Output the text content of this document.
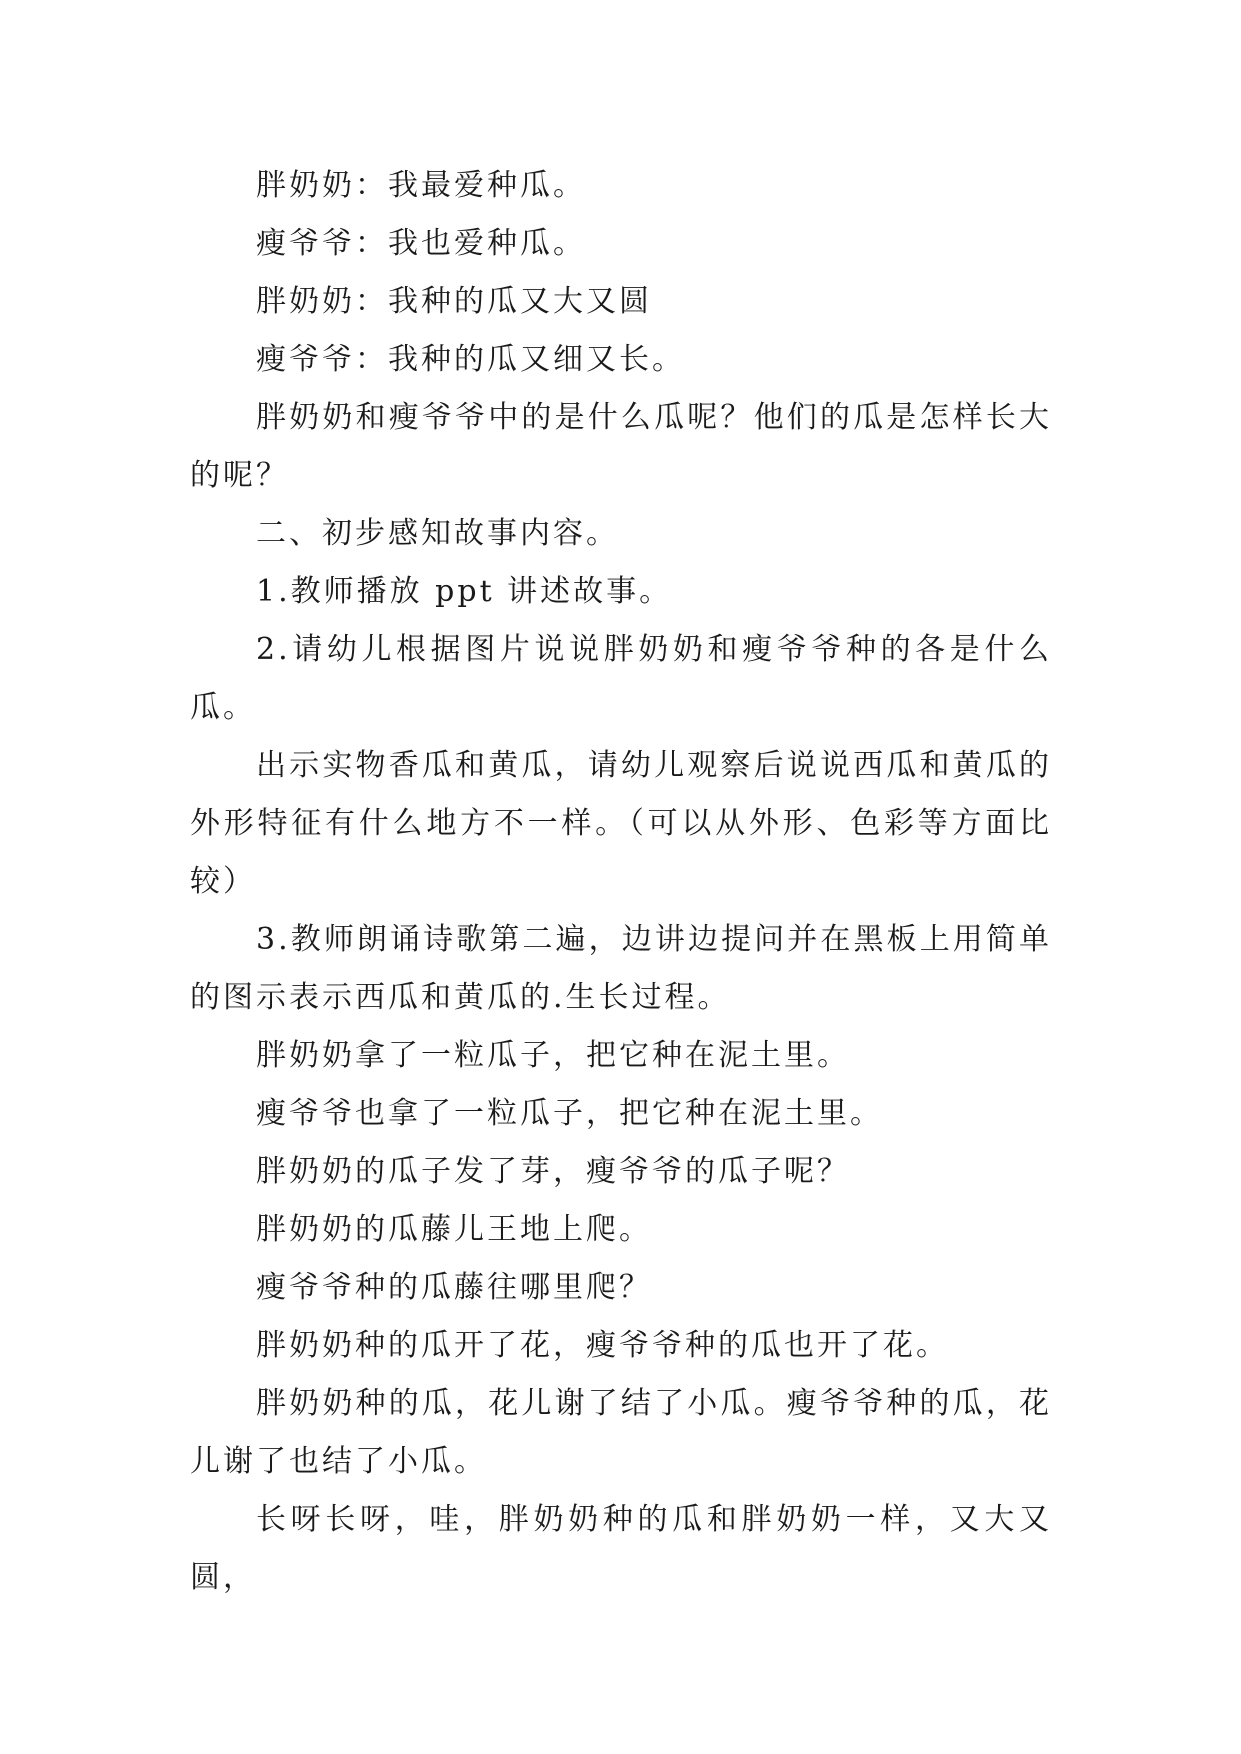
胖奶奶：我最爱种瓜。

瘦爷爷：我也爱种瓜。

胖奶奶：我种的瓜又大又圆

瘦爷爷：我种的瓜又细又长。

胖奶奶和瘦爷爷中的是什么瓜呢？他们的瓜是怎样长大的呢？

二、初步感知故事内容。

1.教师播放 ppt 讲述故事。

2.请幼儿根据图片说说胖奶奶和瘦爷爷种的各是什么瓜。

出示实物香瓜和黄瓜，请幼儿观察后说说西瓜和黄瓜的外形特征有什么地方不一样。（可以从外形、色彩等方面比较）

3.教师朗诵诗歌第二遍，边讲边提问并在黑板上用简单的图示表示西瓜和黄瓜的.生长过程。

胖奶奶拿了一粒瓜子，把它种在泥土里。

瘦爷爷也拿了一粒瓜子，把它种在泥土里。

胖奶奶的瓜子发了芽，瘦爷爷的瓜子呢？

胖奶奶的瓜藤儿王地上爬。

瘦爷爷种的瓜藤往哪里爬？

胖奶奶种的瓜开了花，瘦爷爷种的瓜也开了花。

胖奶奶种的瓜，花儿谢了结了小瓜。瘦爷爷种的瓜，花儿谢了也结了小瓜。

长呀长呀，哇，胖奶奶种的瓜和胖奶奶一样，又大又圆，
